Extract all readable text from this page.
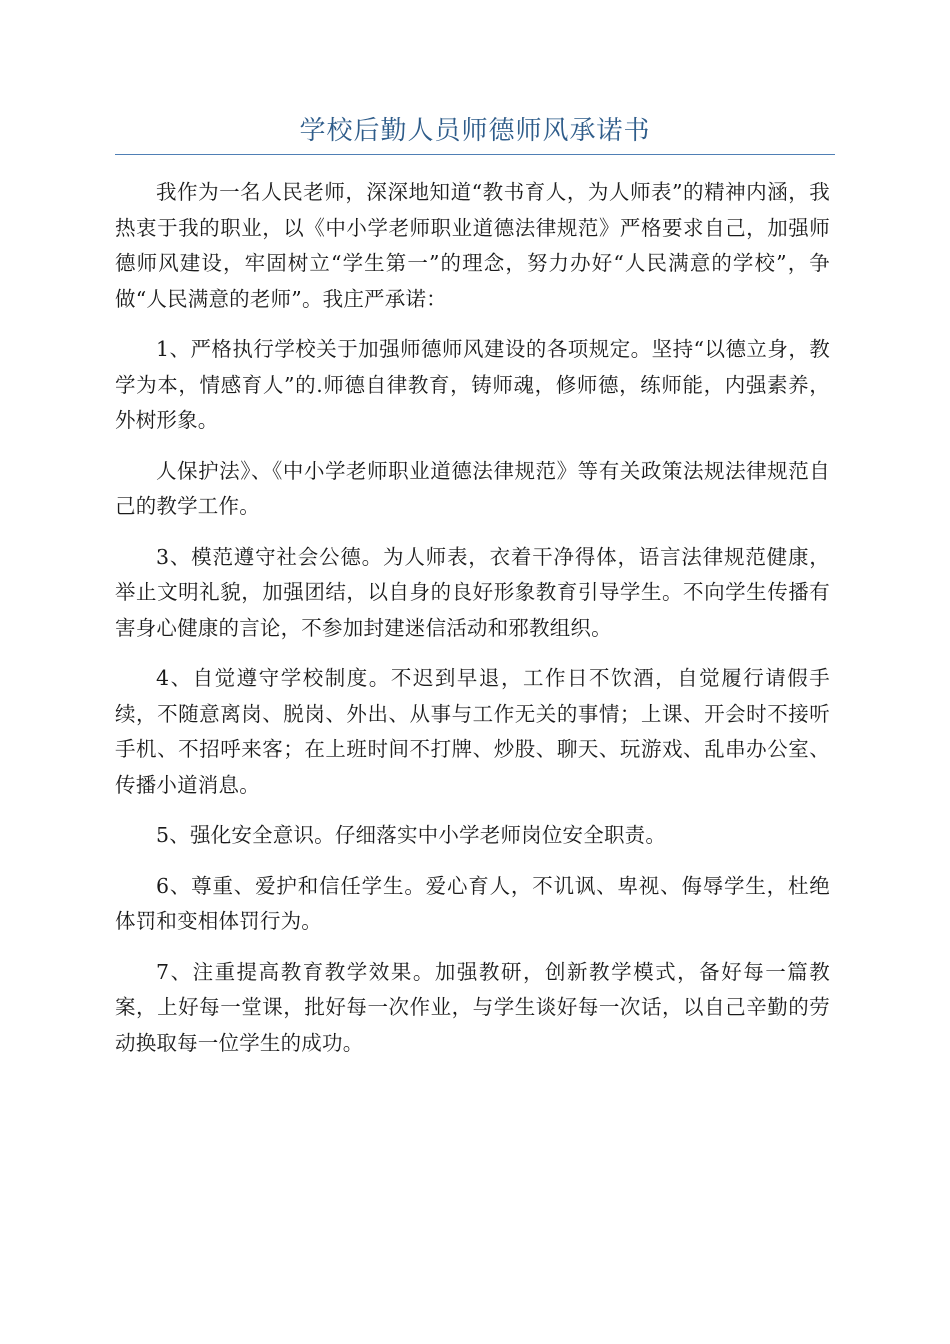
学校后勤人员师德师风承诺书

我作为一名人民老师，深深地知道“教书育人，为人师表”的精神内涵，我热衷于我的职业，以《中小学老师职业道德法律规范》严格要求自己，加强师德师风建设，牢固树立“学生第一”的理念，努力办好“人民满意的学校”，争做“人民满意的老师”。我庄严承诺：

1、严格执行学校关于加强师德师风建设的各项规定。坚持“以德立身，教学为本，情感育人”的.师德自律教育，铸师魂，修师德，练师能，内强素养，外树形象。

人保护法》、《中小学老师职业道德法律规范》等有关政策法规法律规范自己的教学工作。

3、模范遵守社会公德。为人师表，衣着干净得体，语言法律规范健康，举止文明礼貌，加强团结，以自身的良好形象教育引导学生。不向学生传播有害身心健康的言论，不参加封建迷信活动和邪教组织。

4、自觉遵守学校制度。不迟到早退，工作日不饮酒，自觉履行请假手续，不随意离岗、脱岗、外出、从事与工作无关的事情；上课、开会时不接听手机、不招呼来客；在上班时间不打牌、炒股、聊天、玩游戏、乱串办公室、传播小道消息。

5、强化安全意识。仔细落实中小学老师岗位安全职责。

6、尊重、爱护和信任学生。爱心育人，不讥讽、卑视、侮辱学生，杜绝体罚和变相体罚行为。

7、注重提高教育教学效果。加强教研，创新教学模式，备好每一篇教案，上好每一堂课，批好每一次作业，与学生谈好每一次话，以自己辛勤的劳动换取每一位学生的成功。
